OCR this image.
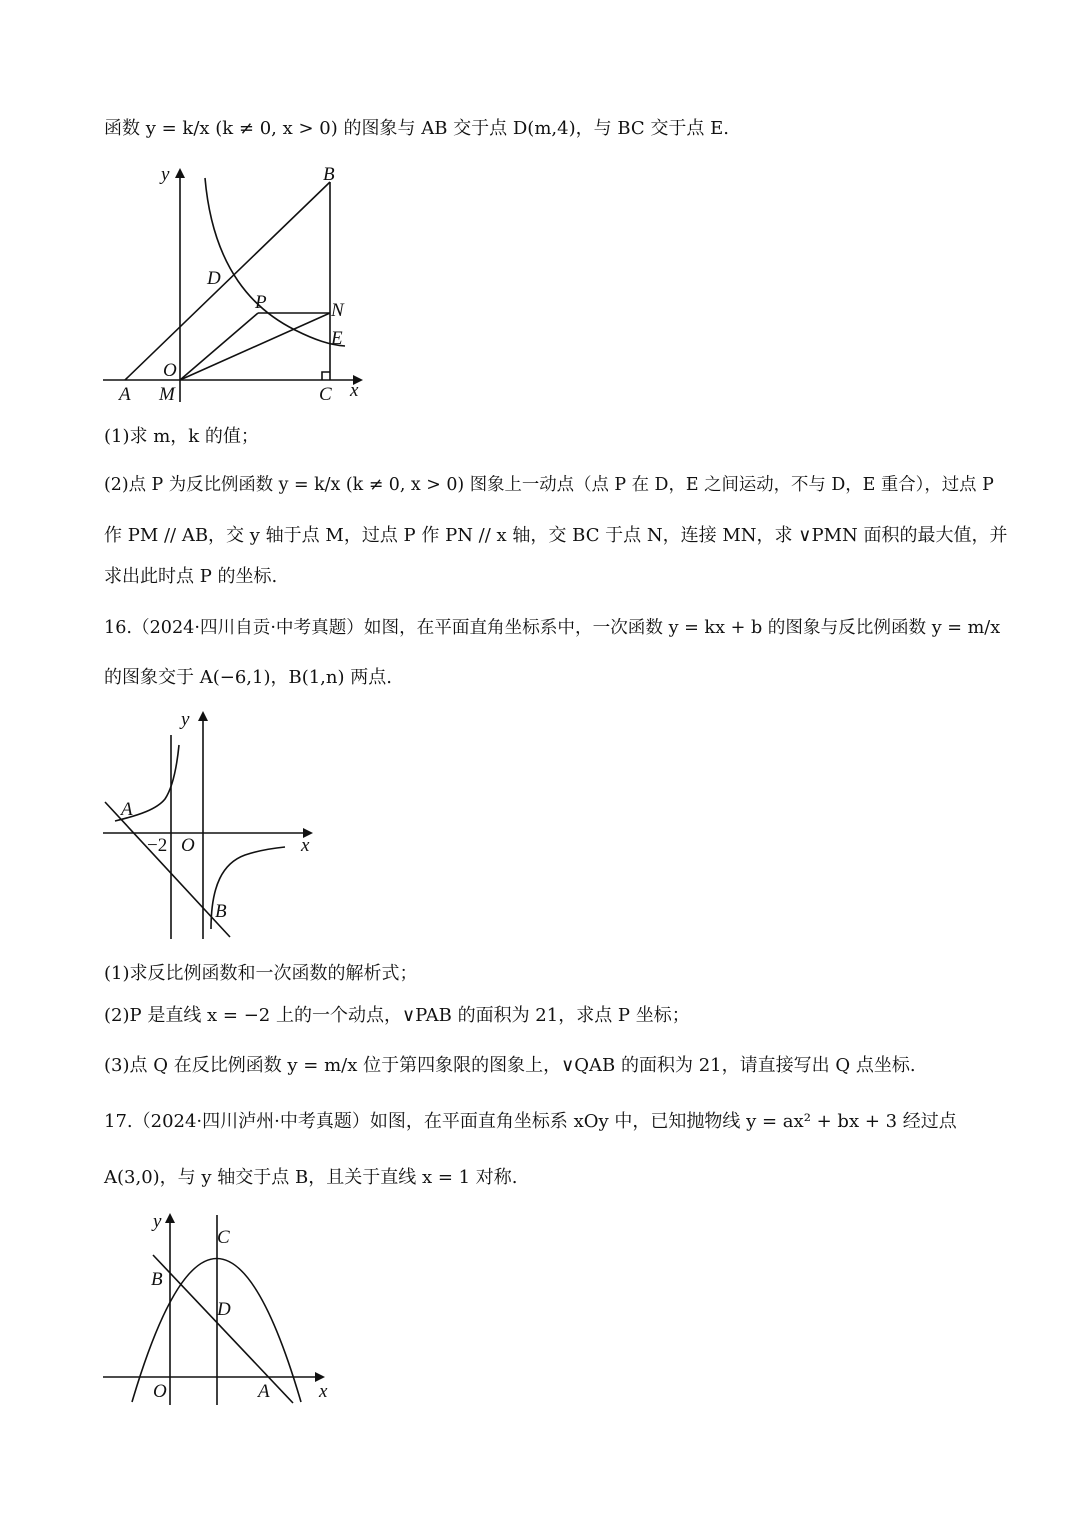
函数 y = k/x (k ≠ 0, x > 0) 的图象与 AB 交于点 D(m,4)，与 BC 交于点 E.
y
x
B
D
P	N
E
O
A M	C
(1)求 m，k 的值；
(2)点 P 为反比例函数 y = k/x (k ≠ 0, x > 0) 图象上一动点（点 P 在 D，E 之间运动，不与 D，E 重合），过点 P
作 PM // AB，交 y 轴于点 M，过点 P 作 PN // x 轴，交 BC 于点 N，连接 MN，求 ∨PMN 面积的最大值，并
求出此时点 P 的坐标.
16.（2024·四川自贡·中考真题）如图，在平面直角坐标系中，一次函数 y = kx + b 的图象与反比例函数 y = m/x
的图象交于 A(−6,1)，B(1,n) 两点.
y
x
A
B
−2 O
(1)求反比例函数和一次函数的解析式；
(2)P 是直线 x = −2 上的一个动点，∨PAB 的面积为 21，求点 P 坐标；
(3)点 Q 在反比例函数 y = m/x 位于第四象限的图象上，∨QAB 的面积为 21，请直接写出 Q 点坐标.
17.（2024·四川泸州·中考真题）如图，在平面直角坐标系 xOy 中，已知抛物线 y = ax² + bx + 3 经过点
A(3,0)，与 y 轴交于点 B，且关于直线 x = 1 对称.
y
x
B
C
D
O	A
